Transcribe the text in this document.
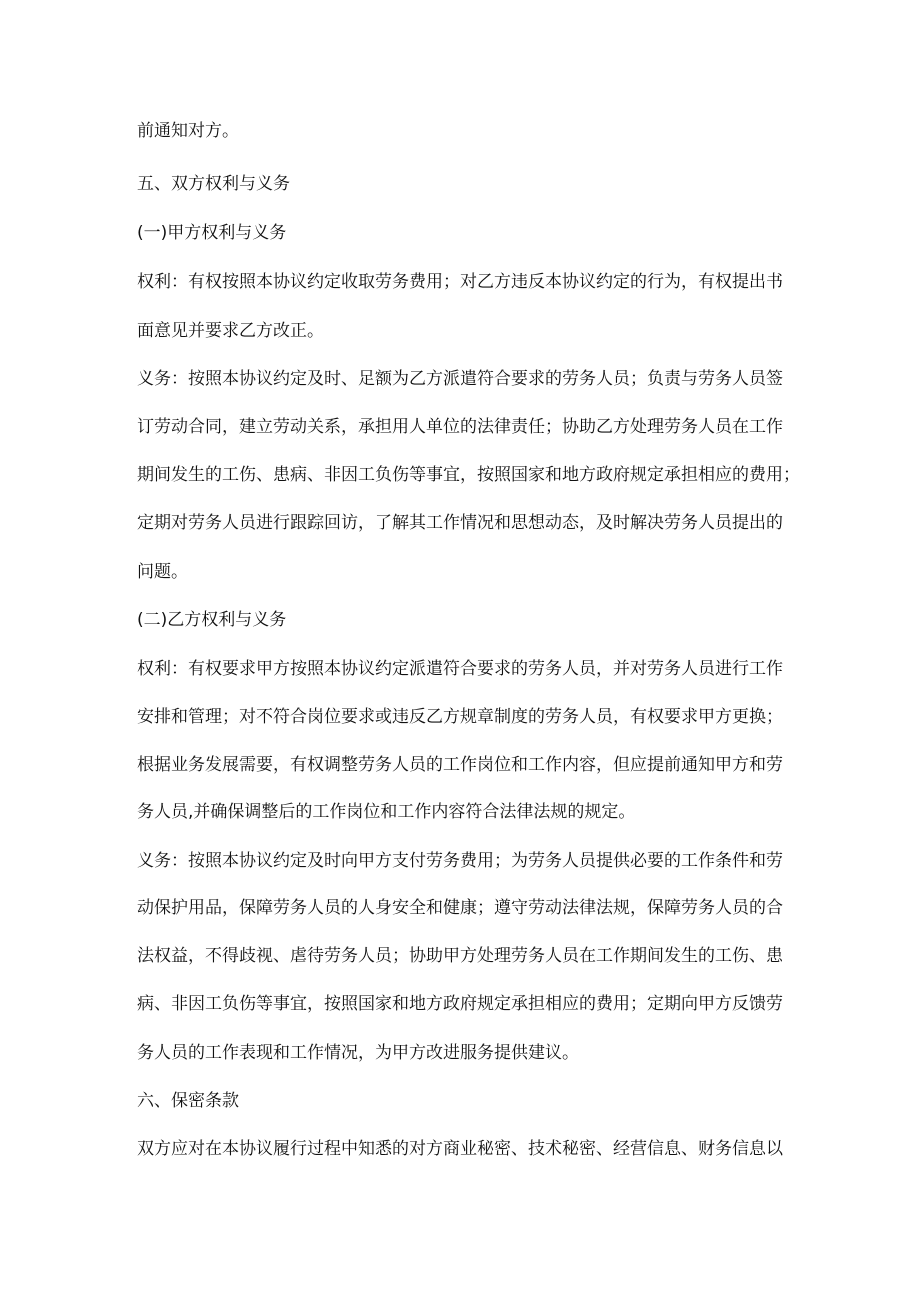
前通知对方。
五、双方权利与义务
(一)甲方权利与义务
权利：有权按照本协议约定收取劳务费用；对乙方违反本协议约定的行为，有权提出书
面意见并要求乙方改正。
义务：按照本协议约定及时、足额为乙方派遣符合要求的劳务人员；负责与劳务人员签
订劳动合同，建立劳动关系，承担用人单位的法律责任；协助乙方处理劳务人员在工作
期间发生的工伤、患病、非因工负伤等事宜，按照国家和地方政府规定承担相应的费用；
定期对劳务人员进行跟踪回访，了解其工作情况和思想动态，及时解决劳务人员提出的
问题。
(二)乙方权利与义务
权利：有权要求甲方按照本协议约定派遣符合要求的劳务人员，并对劳务人员进行工作
安排和管理；对不符合岗位要求或违反乙方规章制度的劳务人员，有权要求甲方更换；
根据业务发展需要，有权调整劳务人员的工作岗位和工作内容，但应提前通知甲方和劳
务人员,并确保调整后的工作岗位和工作内容符合法律法规的规定。
义务：按照本协议约定及时向甲方支付劳务费用；为劳务人员提供必要的工作条件和劳
动保护用品，保障劳务人员的人身安全和健康；遵守劳动法律法规，保障劳务人员的合
法权益，不得歧视、虐待劳务人员；协助甲方处理劳务人员在工作期间发生的工伤、患
病、非因工负伤等事宜，按照国家和地方政府规定承担相应的费用；定期向甲方反馈劳
务人员的工作表现和工作情况，为甲方改进服务提供建议。
六、保密条款
双方应对在本协议履行过程中知悉的对方商业秘密、技术秘密、经营信息、财务信息以
